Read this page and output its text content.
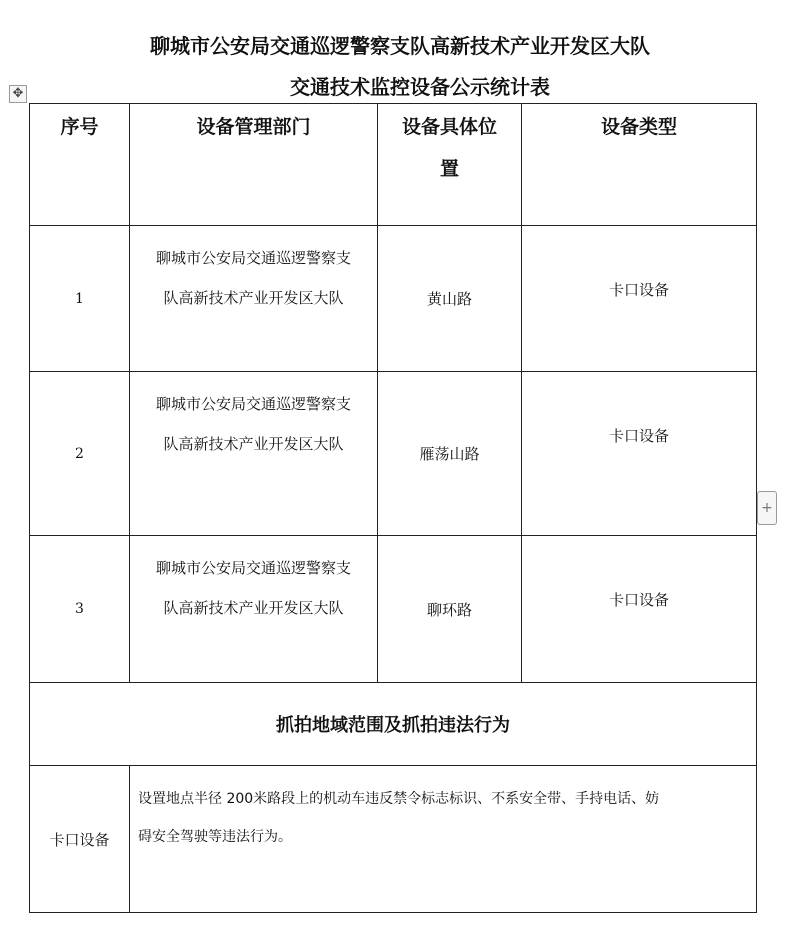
聊城市公安局交通巡逻警察支队高新技术产业开发区大队
交通技术监控设备公示统计表
✥
+
序号	设备管理部门	设备具体位
置	设备类型
1	聊城市公安局交通巡逻警察支
队高新技术产业开发区大队	黄山路	卡口设备
2	聊城市公安局交通巡逻警察支
队高新技术产业开发区大队	雁荡山路	卡口设备
3	聊城市公安局交通巡逻警察支
队高新技术产业开发区大队	聊环路	卡口设备
抓拍地域范围及抓拍违法行为			
卡口设备	设置地点半径 200米路段上的机动车违反禁令标志标识、不系安全带、手持电话、妨
碍安全驾驶等违法行为。		
